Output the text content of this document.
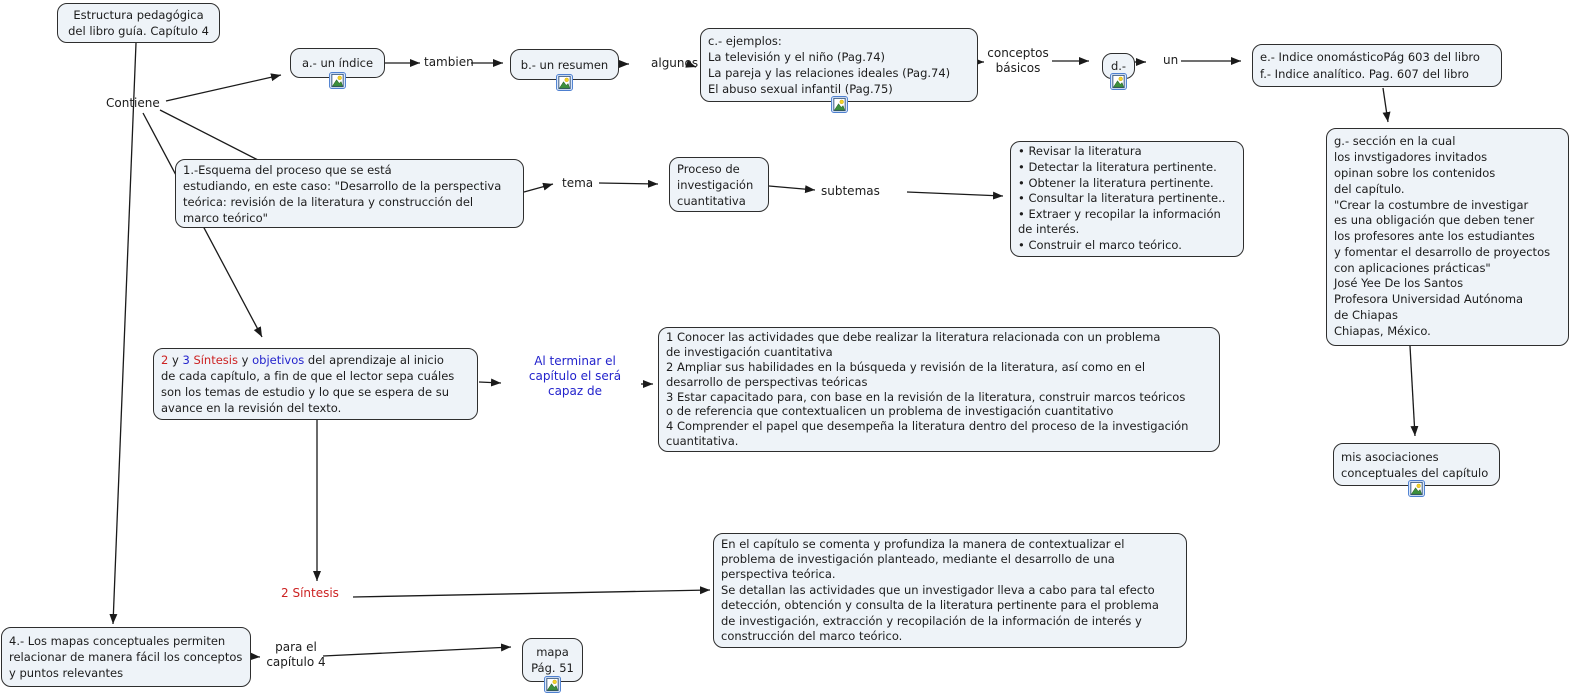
Estructura pedagógica
del libro guía. Capítulo 4
a.- un índice	b.- un resumen
c.- ejemplos:
La televisión y el niño (Pag.74)
La pareja y las relaciones ideales (Pag.74)
El abuso sexual infantil (Pag.75)
d.-
e.- Indice onomásticoPág 603 del libro
f.- Indice analítico. Pag. 607 del libro
g.- sección en la cual
los invstigadores invitados
opinan sobre los contenidos
del capítulo.
"Crear la costumbre de investigar
es una obligación que deben tener
los profesores ante los estudiantes
y fomentar el desarrollo de proyectos
con aplicaciones prácticas"
José Yee De los Santos
Profesora Universidad Autónoma
de Chiapas
Chiapas, México.
mis asociaciones
conceptuales del capítulo
1.-Esquema del proceso que se está
estudiando, en este caso: "Desarrollo de la perspectiva
teórica: revisión de la literatura y construcción del
marco teórico"
Proceso de
investigación
cuantitativa
• Revisar la literatura
• Detectar la literatura pertinente.
• Obtener la literatura pertinente.
• Consultar la literatura pertinente..
• Extraer y recopilar la información
de interés.
• Construir el marco teórico.
2 y 3 Síntesis y objetivos del aprendizaje al inicio
de cada capítulo, a fin de que el lector sepa cuáles
son los temas de estudio y lo que se espera de su
avance en la revisión del texto.
1 Conocer las actividades que debe realizar la literatura relacionada con un problema
de investigación cuantitativa
2 Ampliar sus habilidades en la búsqueda y revisión de la literatura, así como en el
desarrollo de perspectivas teóricas
3 Estar capacitado para, con base en la revisión de la literatura, construir marcos teóricos
o de referencia que contextualicen un problema de investigación cuantitativo
4 Comprender el papel que desempeña la literatura dentro del proceso de la investigación
cuantitativa.
En el capítulo se comenta y profundiza la manera de contextualizar el
problema de investigación planteado, mediante el desarrollo de una
perspectiva teórica.
Se detallan las actividades que un investigador lleva a cabo para tal efecto
detección, obtención y consulta de la literatura pertinente para el problema
de investigación, extracción y recopilación de la información de interés y
construcción del marco teórico.
4.- Los mapas conceptuales permiten
relacionar de manera fácil los conceptos
y puntos relevantes
mapa
Pág. 51
Contiene
tambien	algunos
conceptos
básicos
un
tema
subtemas
Al terminar el
capítulo el será
capaz de
2 Síntesis
para el
capítulo 4
